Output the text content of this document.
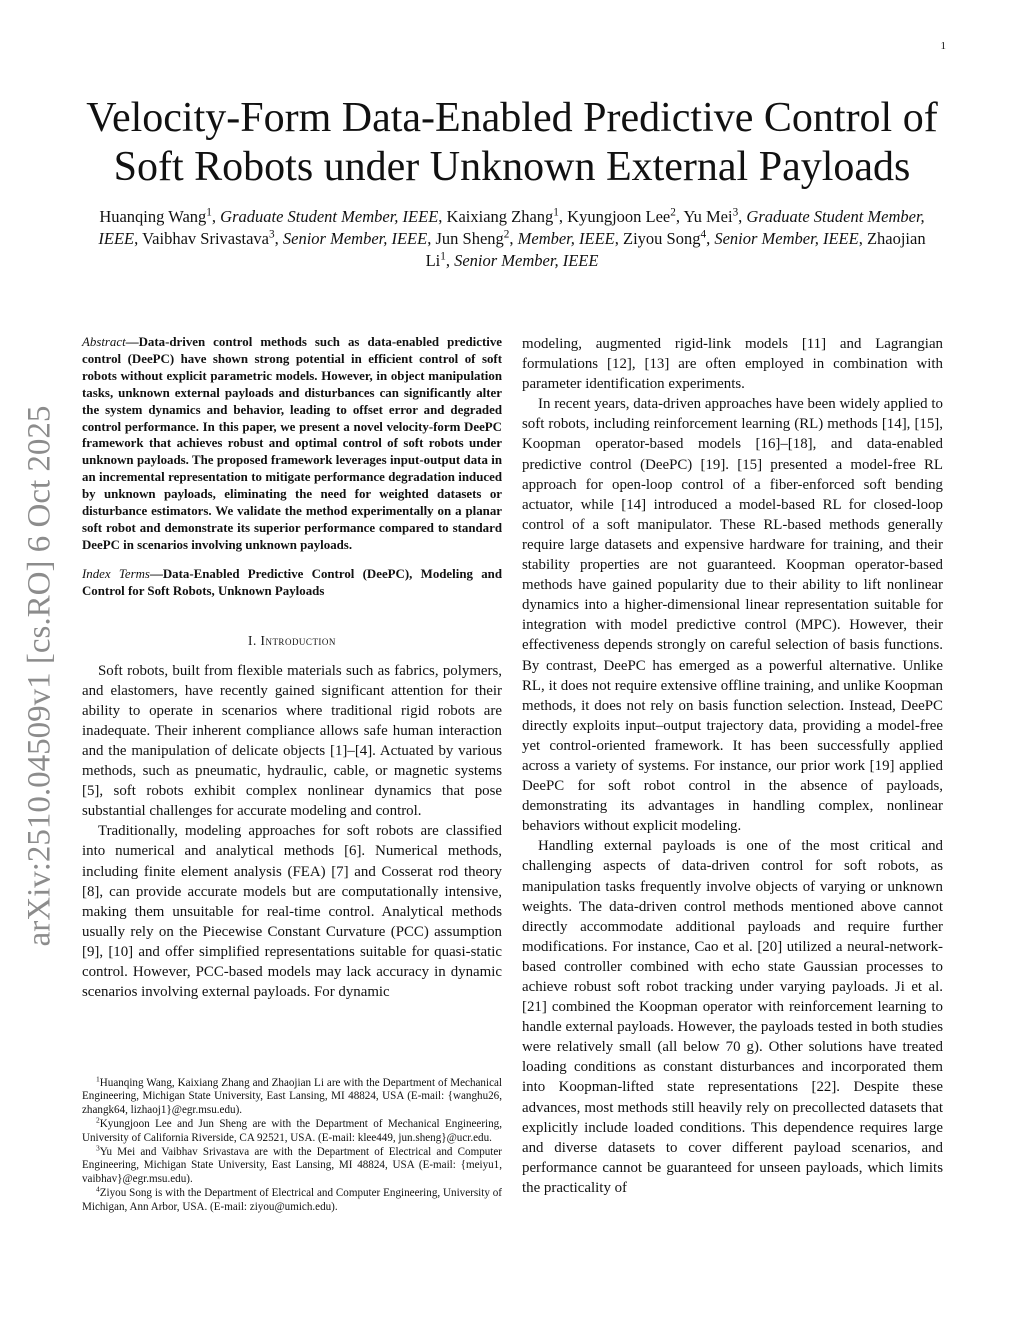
1
arXiv:2510.04509v1 [cs.RO] 6 Oct 2025
Velocity-Form Data-Enabled Predictive Control of Soft Robots under Unknown External Payloads
Huanqing Wang$^1$, Graduate Student Member, IEEE, Kaixiang Zhang$^1$, Kyungjoon Lee$^2$, Yu Mei$^3$, Graduate Student Member, IEEE, Vaibhav Srivastava$^3$, Senior Member, IEEE, Jun Sheng$^2$, Member, IEEE, Ziyou Song$^4$, Senior Member, IEEE, Zhaojian Li$^1$, Senior Member, IEEE

Abstract—Data-driven control methods such as data-enabled predictive control (DeePC) have shown strong potential in efficient control of soft robots without explicit parametric models. However, in object manipulation tasks, unknown external payloads and disturbances can significantly alter the system dynamics and behavior, leading to offset error and degraded control performance. In this paper, we present a novel velocity-form DeePC framework that achieves robust and optimal control of soft robots under unknown payloads. The proposed framework leverages input-output data in an incremental representation to mitigate performance degradation induced by unknown payloads, eliminating the need for weighted datasets or disturbance estimators. We validate the method experimentally on a planar soft robot and demonstrate its superior performance compared to standard DeePC in scenarios involving unknown payloads.

Index Terms—Data-Enabled Predictive Control (DeePC), Modeling and Control for Soft Robots, Unknown Payloads

I. Introduction

Soft robots, built from flexible materials such as fabrics, polymers, and elastomers, have recently gained significant attention for their ability to operate in scenarios where traditional rigid robots are inadequate. Their inherent compliance allows safe human interaction and the manipulation of delicate objects [1]–[4]. Actuated by various methods, such as pneumatic, hydraulic, cable, or magnetic systems [5], soft robots exhibit complex nonlinear dynamics that pose substantial challenges for accurate modeling and control.

Traditionally, modeling approaches for soft robots are classified into numerical and analytical methods [6]. Numerical methods, including finite element analysis (FEA) [7] and Cosserat rod theory [8], can provide accurate models but are computationally intensive, making them unsuitable for real-time control. Analytical methods usually rely on the Piecewise Constant Curvature (PCC) assumption [9], [10] and offer simplified representations suitable for quasi-static control. However, PCC-based models may lack accuracy in dynamic scenarios involving external payloads. For dynamic

$^1$Huanqing Wang, Kaixiang Zhang and Zhaojian Li are with the Department of Mechanical Engineering, Michigan State University, East Lansing, MI 48824, USA (E-mail: {wanghu26, zhangk64, lizhaoj1}@egr.msu.edu).

$^2$Kyungjoon Lee and Jun Sheng are with the Department of Mechanical Engineering, University of California Riverside, CA 92521, USA. (E-mail: klee449, jun.sheng}@ucr.edu.

$^3$Yu Mei and Vaibhav Srivastava are with the Department of Electrical and Computer Engineering, Michigan State University, East Lansing, MI 48824, USA (E-mail: {meiyu1, vaibhav}@egr.msu.edu).

$^4$Ziyou Song is with the Department of Electrical and Computer Engineering, University of Michigan, Ann Arbor, USA. (E-mail: ziyou@umich.edu).

modeling, augmented rigid-link models [11] and Lagrangian formulations [12], [13] are often employed in combination with parameter identification experiments.

In recent years, data-driven approaches have been widely applied to soft robots, including reinforcement learning (RL) methods [14], [15], Koopman operator-based models [16]–[18], and data-enabled predictive control (DeePC) [19]. [15] presented a model-free RL approach for open-loop control of a fiber-enforced soft bending actuator, while [14] introduced a model-based RL for closed-loop control of a soft manipulator. These RL-based methods generally require large datasets and expensive hardware for training, and their stability properties are not guaranteed. Koopman operator-based methods have gained popularity due to their ability to lift nonlinear dynamics into a higher-dimensional linear representation suitable for integration with model predictive control (MPC). However, their effectiveness depends strongly on careful selection of basis functions. By contrast, DeePC has emerged as a powerful alternative. Unlike RL, it does not require extensive offline training, and unlike Koopman methods, it does not rely on basis function selection. Instead, DeePC directly exploits input–output trajectory data, providing a model-free yet control-oriented framework. It has been successfully applied across a variety of systems. For instance, our prior work [19] applied DeePC for soft robot control in the absence of payloads, demonstrating its advantages in handling complex, nonlinear behaviors without explicit modeling.

Handling external payloads is one of the most critical and challenging aspects of data-driven control for soft robots, as manipulation tasks frequently involve objects of varying or unknown weights. The data-driven control methods mentioned above cannot directly accommodate additional payloads and require further modifications. For instance, Cao et al. [20] utilized a neural-network-based controller combined with echo state Gaussian processes to achieve robust soft robot tracking under varying payloads. Ji et al. [21] combined the Koopman operator with reinforcement learning to handle external payloads. However, the payloads tested in both studies were relatively small (all below 70 g). Other solutions have treated loading conditions as constant disturbances and incorporated them into Koopman-lifted state representations [22]. Despite these advances, most methods still heavily rely on precollected datasets that explicitly include loaded conditions. This dependence requires large and diverse datasets to cover different payload scenarios, and performance cannot be guaranteed for unseen payloads, which limits the practicality of
